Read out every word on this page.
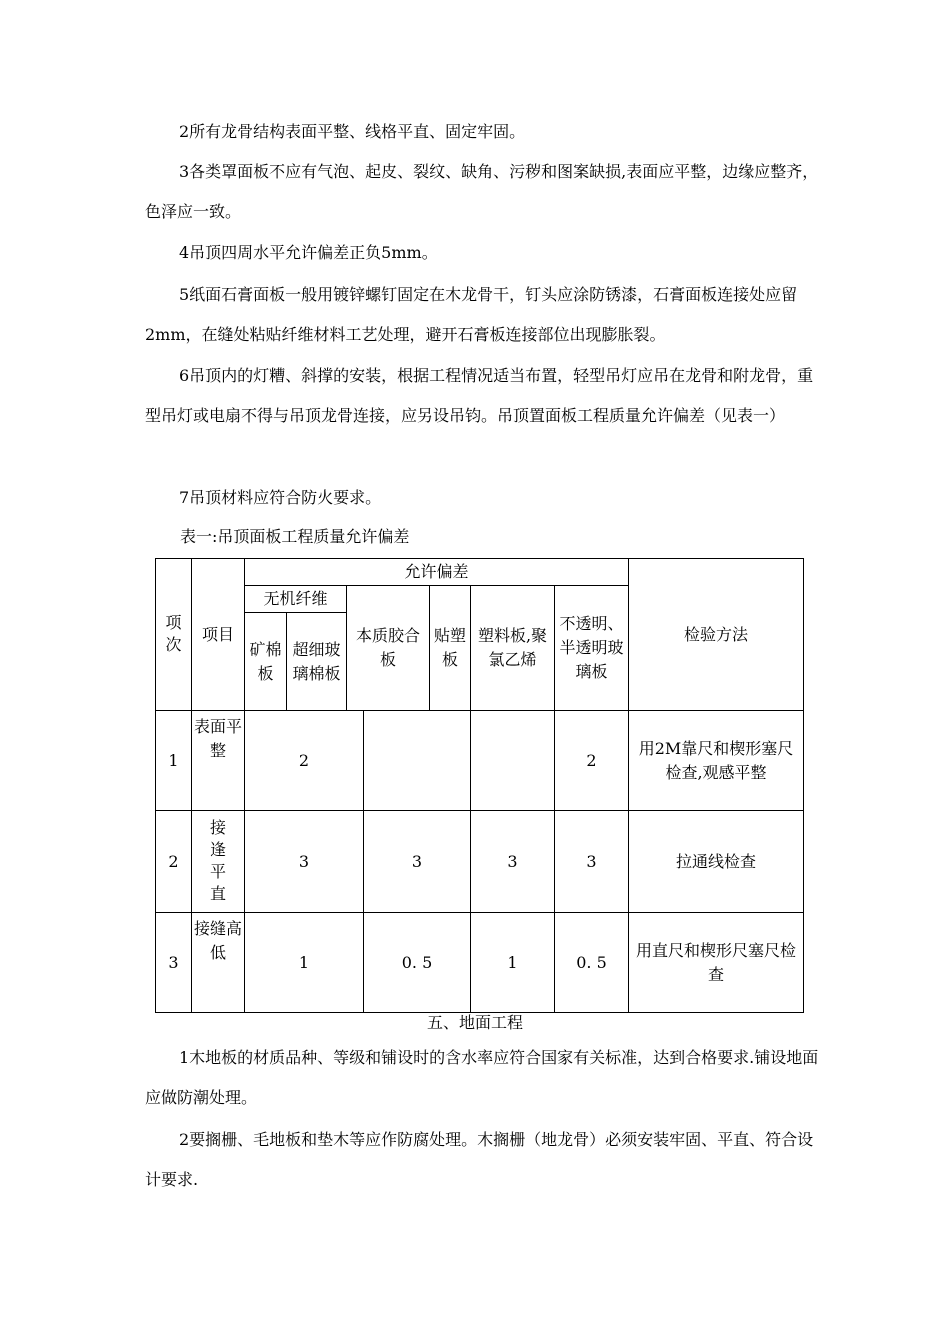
2所有龙骨结构表面平整、线格平直、固定牢固。

3各类罩面板不应有气泡、起皮、裂纹、缺角、污秽和图案缺损,表面应平整，边缘应整齐，色泽应一致。

4吊顶四周水平允许偏差正负5mm。

5纸面石膏面板一般用镀锌螺钉固定在木龙骨干，钉头应涂防锈漆，石膏面板连接处应留2mm，在缝处粘贴纤维材料工艺处理，避开石膏板连接部位出现膨胀裂。

6吊顶内的灯糟、斜撑的安装，根据工程情况适当布置，轻型吊灯应吊在龙骨和附龙骨，重型吊灯或电扇不得与吊顶龙骨连接，应另设吊钧。吊顶置面板工程质量允许偏差（见表一）

7吊顶材料应符合防火要求。

表一:吊顶面板工程质量允许偏差

项次	项目	允许偏差							检验方法
		无机纤维		本质胶合板		贴塑板	塑料板,聚氯乙烯	不透明、半透明玻璃板	
		矿棉板	超细玻璃棉板						
1	表面平整	2						2	用2M靠尺和楔形塞尺检查,观感平整
2	接逢平直	3			3		3	3	拉通线检查
3	接缝高低	1			0. 5		1	0. 5	用直尺和楔形尺塞尺检查

五、地面工程

1木地板的材质品种、等级和铺设时的含水率应符合国家有关标准，达到合格要求.铺设地面应做防潮处理。

2要搁栅、毛地板和垫木等应作防腐处理。木搁栅（地龙骨）必须安装牢固、平直、符合设计要求.
